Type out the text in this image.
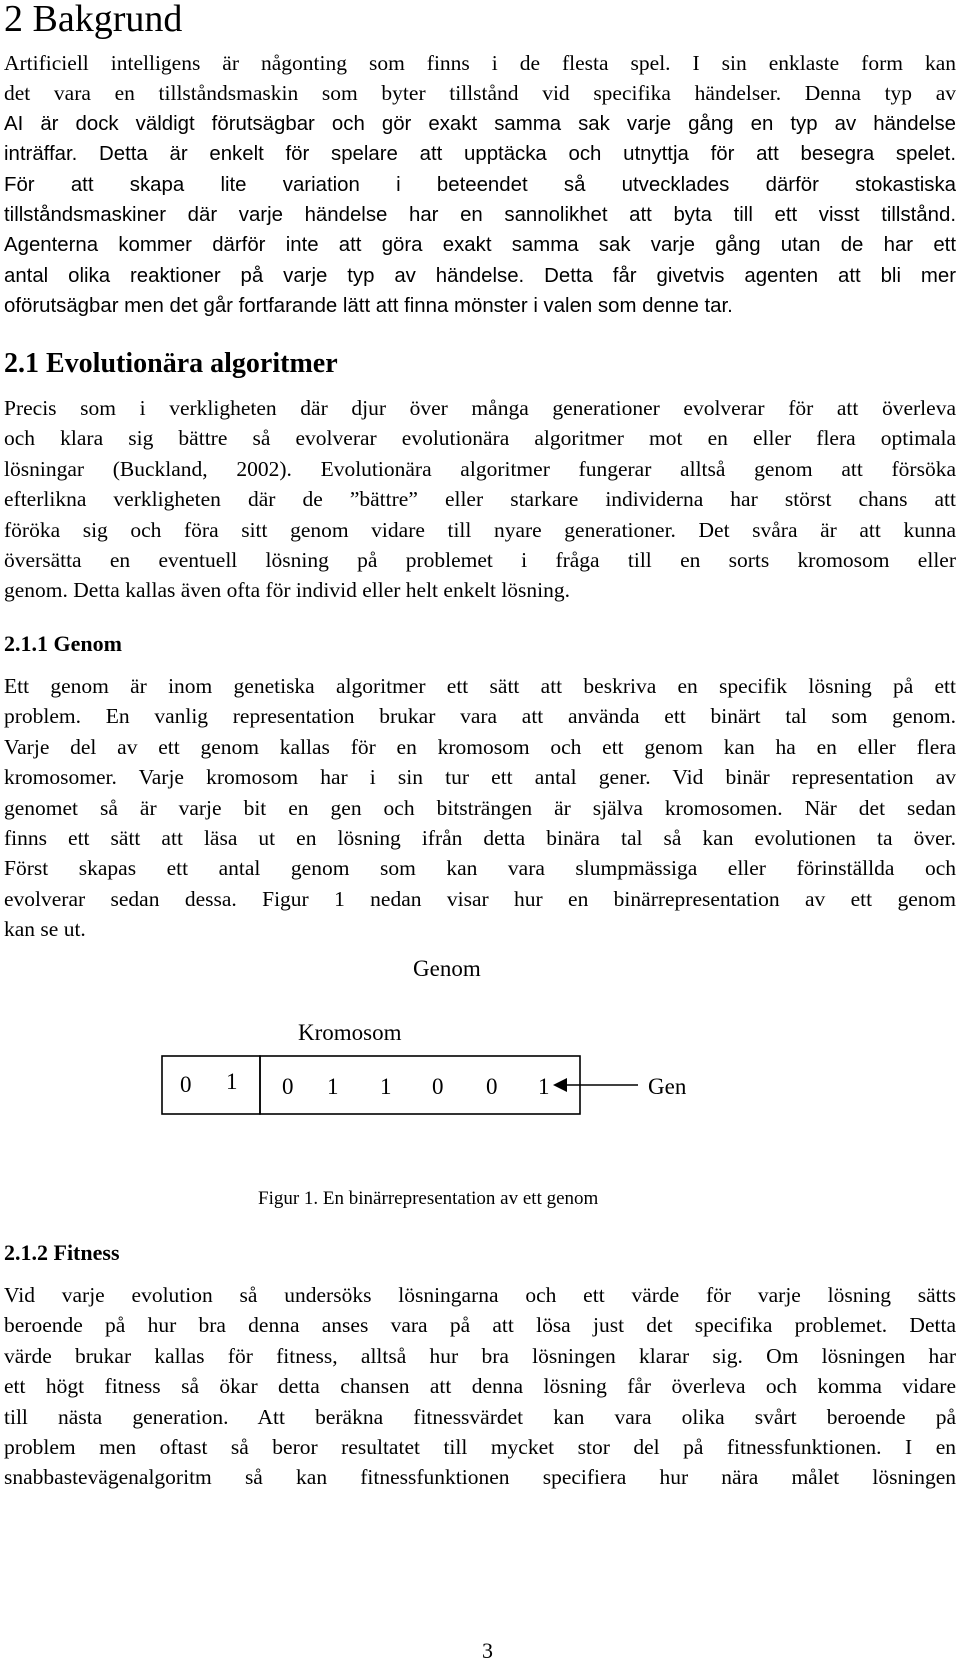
2 Bakgrund
Artificiell intelligens är någonting som finns i de flesta spel. I sin enklaste form kan
det vara en tillståndsmaskin som byter tillstånd vid specifika händelser. Denna typ av
AI är dock väldigt förutsägbar och gör exakt samma sak varje gång en typ av händelse
inträffar. Detta är enkelt för spelare att upptäcka och utnyttja för att besegra spelet.
För att skapa lite variation i beteendet så utvecklades därför stokastiska
tillståndsmaskiner där varje händelse har en sannolikhet att byta till ett visst tillstånd.
Agenterna kommer därför inte att göra exakt samma sak varje gång utan de har ett
antal olika reaktioner på varje typ av händelse. Detta får givetvis agenten att bli mer
oförutsägbar men det går fortfarande lätt att finna mönster i valen som denne tar.
2.1 Evolutionära algoritmer
Precis som i verkligheten där djur över många generationer evolverar för att överleva
och klara sig bättre så evolverar evolutionära algoritmer mot en eller flera optimala
lösningar (Buckland, 2002). Evolutionära algoritmer fungerar alltså genom att försöka
efterlikna verkligheten där de ”bättre” eller starkare individerna har störst chans att
föröka sig och föra sitt genom vidare till nyare generationer. Det svåra är att kunna
översätta en eventuell lösning på problemet i fråga till en sorts kromosom eller
genom. Detta kallas även ofta för individ eller helt enkelt lösning.
2.1.1 Genom
Ett genom är inom genetiska algoritmer ett sätt att beskriva en specifik lösning på ett
problem. En vanlig representation brukar vara att använda ett binärt tal som genom.
Varje del av ett genom kallas för en kromosom och ett genom kan ha en eller flera
kromosomer. Varje kromosom har i sin tur ett antal gener. Vid binär representation av
genomet så är varje bit en gen och bitsträngen är själva kromosomen. När det sedan
finns ett sätt att läsa ut en lösning ifrån detta binära tal så kan evolutionen ta över.
Först skapas ett antal genom som kan vara slumpmässiga eller förinställda och
evolverar sedan dessa. Figur 1 nedan visar hur en binärrepresentation av ett genom
kan se ut.
Genom
Kromosom
0 1 0 1 1 0 0 1	Gen
Figur 1. En binärrepresentation av ett genom
2.1.2 Fitness
Vid varje evolution så undersöks lösningarna och ett värde för varje lösning sätts
beroende på hur bra denna anses vara på att lösa just det specifika problemet. Detta
värde brukar kallas för fitness, alltså hur bra lösningen klarar sig. Om lösningen har
ett högt fitness så ökar detta chansen att denna lösning får överleva och komma vidare
till nästa generation. Att beräkna fitnessvärdet kan vara olika svårt beroende på
problem men oftast så beror resultatet till mycket stor del på fitnessfunktionen. I en
snabbastevägenalgoritm så kan fitnessfunktionen specifiera hur nära målet lösningen
3
